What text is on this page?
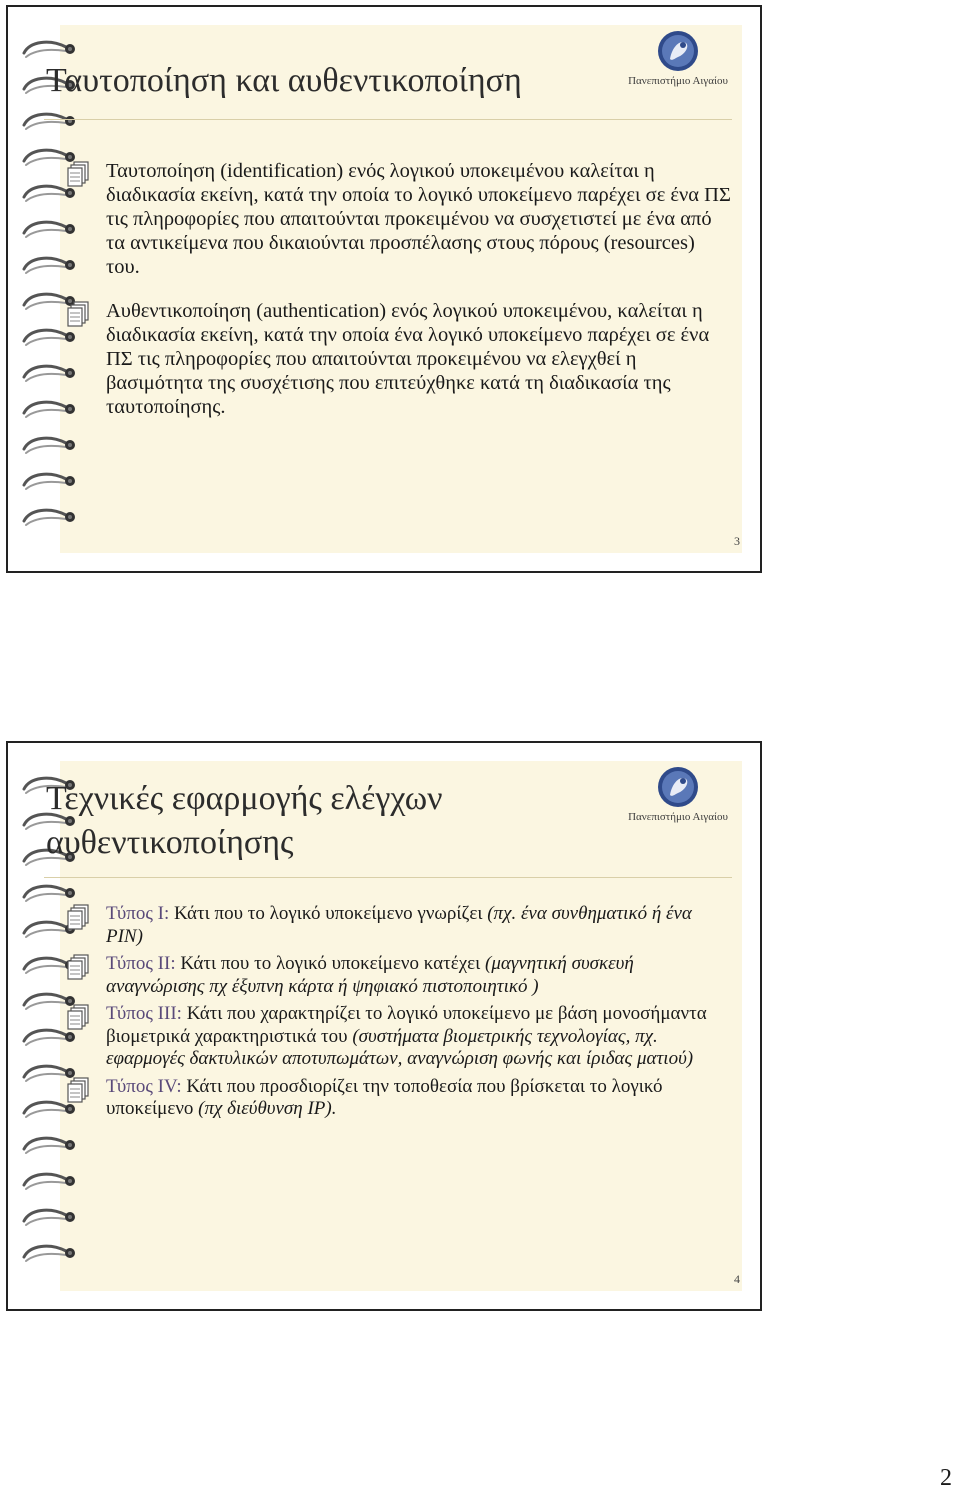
Πανεπιστήμιο Αιγαίου
Ταυτοποίηση και αυθεντικοποίηση
Ταυτοποίηση (identification) ενός λογικού υποκειμένου καλείται η διαδικασία εκείνη, κατά την οποία το λογικό υποκείμενο παρέχει σε ένα ΠΣ τις πληροφορίες που απαιτούνται προκειμένου να συσχετιστεί με ένα από τα αντικείμενα που δικαιούνται προσπέλασης στους πόρους (resources) του.
Αυθεντικοποίηση (authentication) ενός λογικού υποκειμένου, καλείται η διαδικασία εκείνη, κατά την οποία ένα λογικό υποκείμενο παρέχει σε ένα ΠΣ τις πληροφορίες που απαιτούνται προκειμένου να ελεγχθεί η βασιμότητα της συσχέτισης που επιτεύχθηκε κατά τη διαδικασία της ταυτοποίησης.
3
Πανεπιστήμιο Αιγαίου
Τεχνικές εφαρμογής ελέγχων
αυθεντικοποίησης
Τύπος Ι: Κάτι που το λογικό υποκείμενο γνωρίζει (πχ. ένα συνθηματικό ή ένα PIN)
Τύπος ΙΙ: Κάτι που το λογικό υποκείμενο κατέχει (μαγνητική συσκευή αναγνώρισης πχ έξυπνη κάρτα ή ψηφιακό πιστοποιητικό )
Τύπος ΙΙΙ: Κάτι που χαρακτηρίζει το λογικό υποκείμενο με βάση μονοσήμαντα βιομετρικά χαρακτηριστικά του (συστήματα βιομετρικής τεχνολογίας, πχ. εφαρμογές δακτυλικών αποτυπωμάτων, αναγνώριση φωνής και ίριδας ματιού)
Τύπος IV: Κάτι που προσδιορίζει την τοποθεσία που βρίσκεται το λογικό υποκείμενο (πχ διεύθυνση IP).
4
2
